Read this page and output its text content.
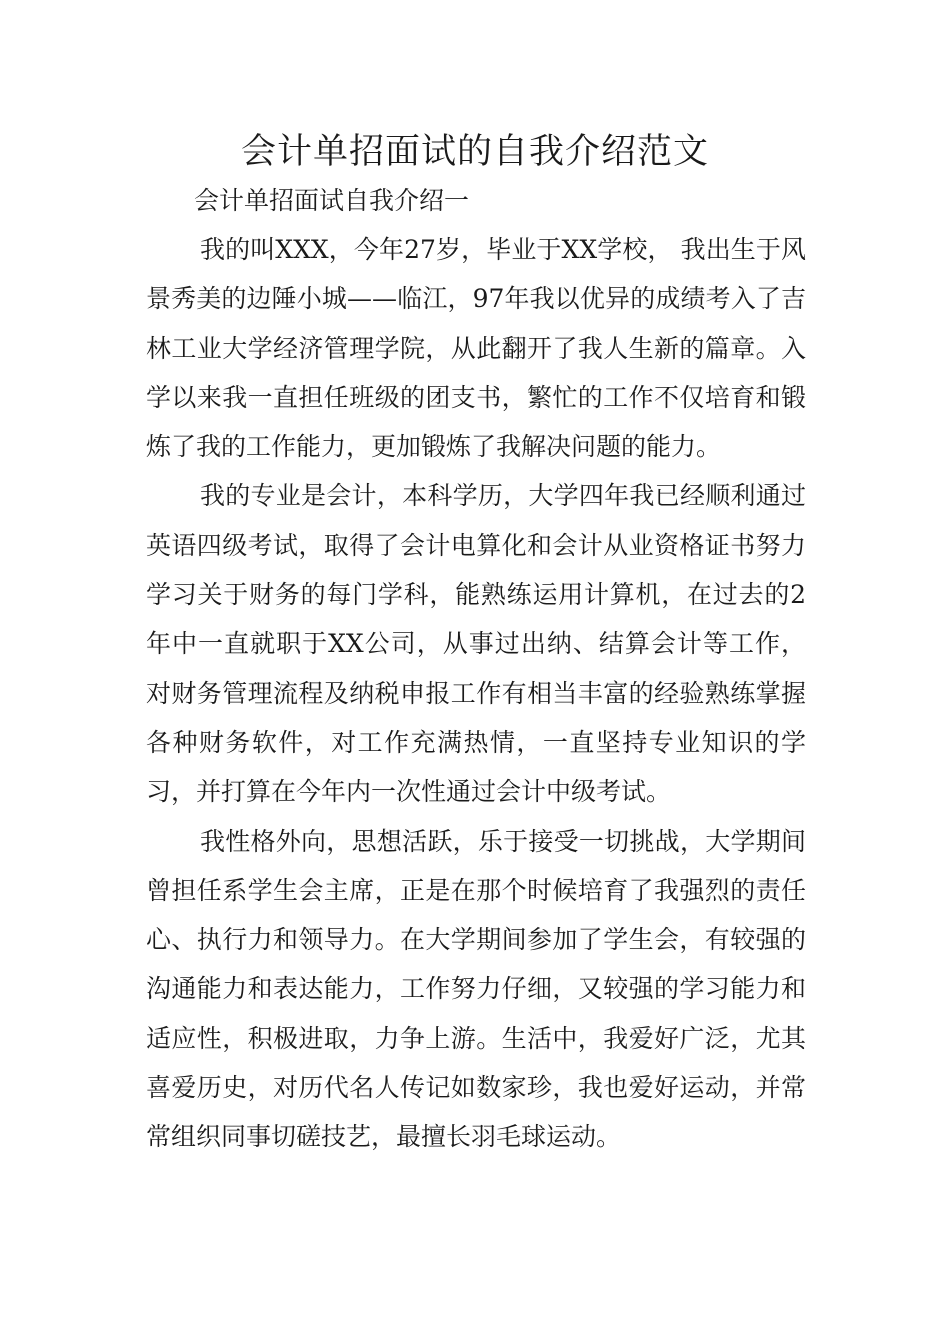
会计单招面试的自我介绍范文

会计单招面试自我介绍一

我的叫XXX，今年27岁，毕业于XX学校， 我出生于风景秀美的边陲小城——临江，97年我以优异的成绩考入了吉林工业大学经济管理学院，从此翻开了我人生新的篇章。入学以来我一直担任班级的团支书，繁忙的工作不仅培育和锻炼了我的工作能力，更加锻炼了我解决问题的能力。

我的专业是会计，本科学历，大学四年我已经顺利通过英语四级考试，取得了会计电算化和会计从业资格证书努力学习关于财务的每门学科，能熟练运用计算机，在过去的2年中一直就职于XX公司，从事过出纳、结算会计等工作，对财务管理流程及纳税申报工作有相当丰富的经验熟练掌握各种财务软件，对工作充满热情，一直坚持专业知识的学习，并打算在今年内一次性通过会计中级考试。

我性格外向，思想活跃，乐于接受一切挑战，大学期间曾担任系学生会主席，正是在那个时候培育了我强烈的责任心、执行力和领导力。在大学期间参加了学生会，有较强的沟通能力和表达能力，工作努力仔细，又较强的学习能力和适应性，积极进取，力争上游。生活中，我爱好广泛，尤其喜爱历史，对历代名人传记如数家珍，我也爱好运动，并常常组织同事切磋技艺，最擅长羽毛球运动。
